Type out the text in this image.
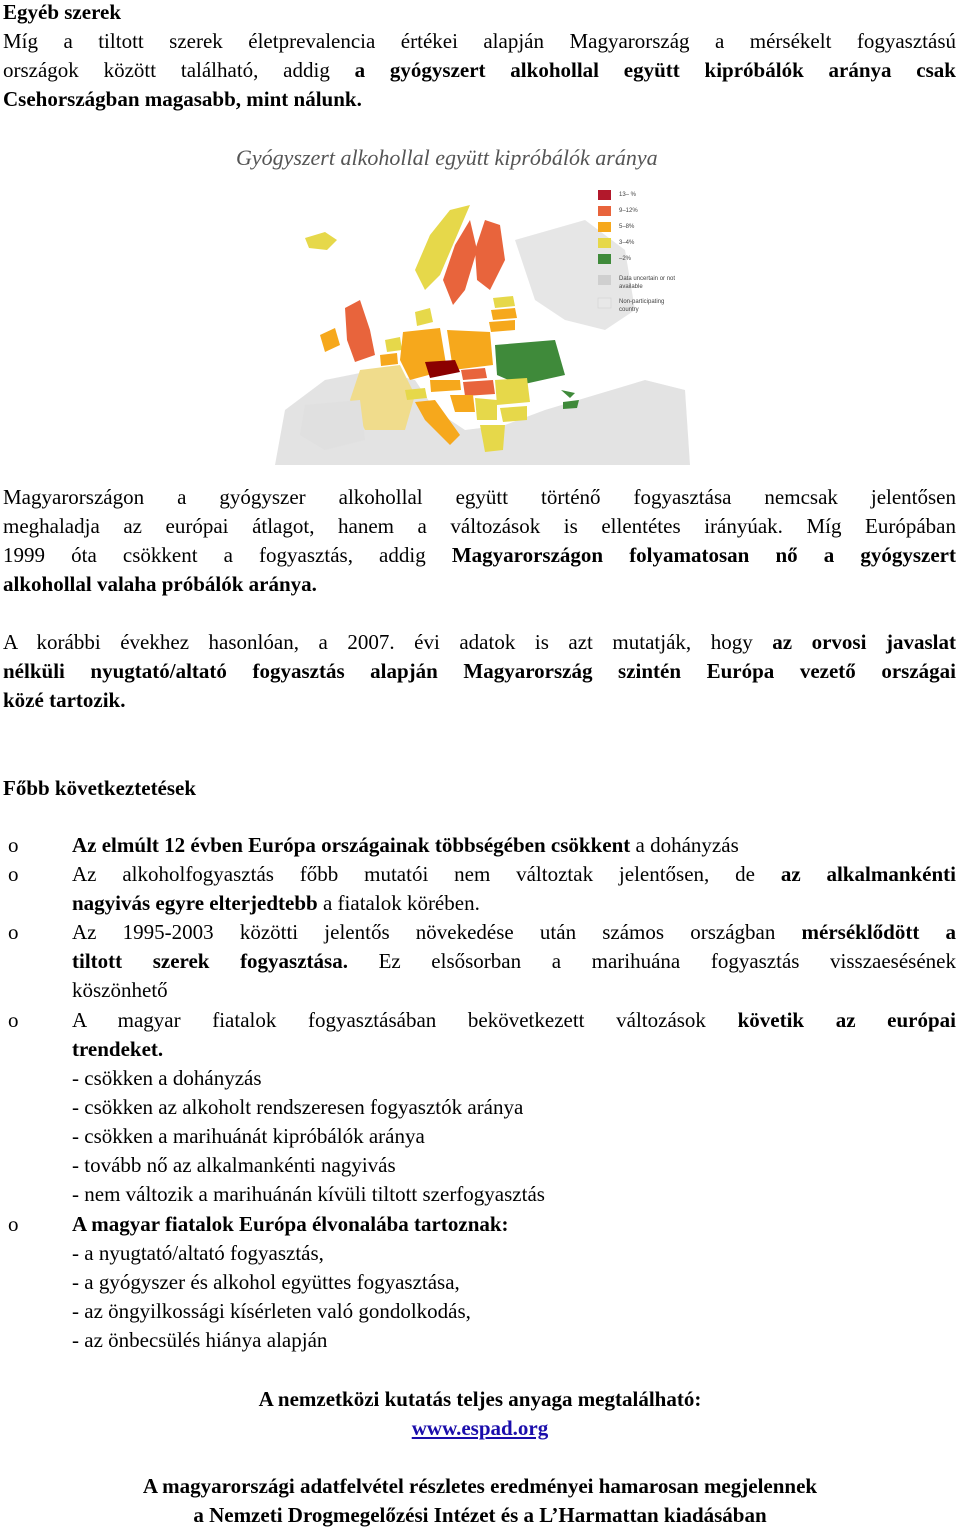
Egyéb szerek
Míg a tiltott szerek életprevalencia értékei alapján Magyarország a mérsékelt fogyasztású
országok között található, addig a gyógyszert alkohollal együtt kipróbálók aránya csak
Csehországban magasabb, mint nálunk.
Gyógyszert alkohollal együtt kipróbálók aránya
13– %
9–12%
5–8%
3–4%
–2%
Data uncertain or not available
Non-participating country
Magyarországon a gyógyszer alkohollal együtt történő fogyasztása nemcsak jelentősen
meghaladja az európai átlagot, hanem a változások is ellentétes irányúak. Míg Európában
1999 óta csökkent a fogyasztás, addig Magyarországon folyamatosan nő a gyógyszert
alkohollal valaha próbálók aránya.
A korábbi évekhez hasonlóan, a 2007. évi adatok is azt mutatják, hogy az orvosi javaslat
nélküli nyugtató/altató fogyasztás alapján Magyarország szintén Európa vezető országai
közé tartozik.
Főbb következtetések
o	Az elmúlt 12 évben Európa országainak többségében csökkent a dohányzás
o	Az alkoholfogyasztás főbb mutatói nem változtak jelentősen, de az alkalmankénti
nagyivás egyre elterjedtebb a fiatalok körében.
o	Az 1995-2003 közötti jelentős növekedése után számos országban mérséklődött a
tiltott szerek fogyasztása. Ez elsősorban a marihuána fogyasztás visszaesésének
köszönhető
o	A magyar fiatalok fogyasztásában bekövetkezett változások követik az európai
trendeket.
- csökken a dohányzás
- csökken az alkoholt rendszeresen fogyasztók aránya
- csökken a marihuánát kipróbálók aránya
- tovább nő az alkalmankénti nagyivás
- nem változik a marihuánán kívüli tiltott szerfogyasztás
o	A magyar fiatalok Európa élvonalába tartoznak:
- a nyugtató/altató fogyasztás,
- a gyógyszer és alkohol együttes fogyasztása,
- az öngyilkossági kísérleten való gondolkodás,
- az önbecsülés hiánya alapján
A nemzetközi kutatás teljes anyaga megtalálható:
www.espad.org
A magyarországi adatfelvétel részletes eredményei hamarosan megjelennek
a Nemzeti Drogmegelőzési Intézet és a L’Harmattan kiadásában
